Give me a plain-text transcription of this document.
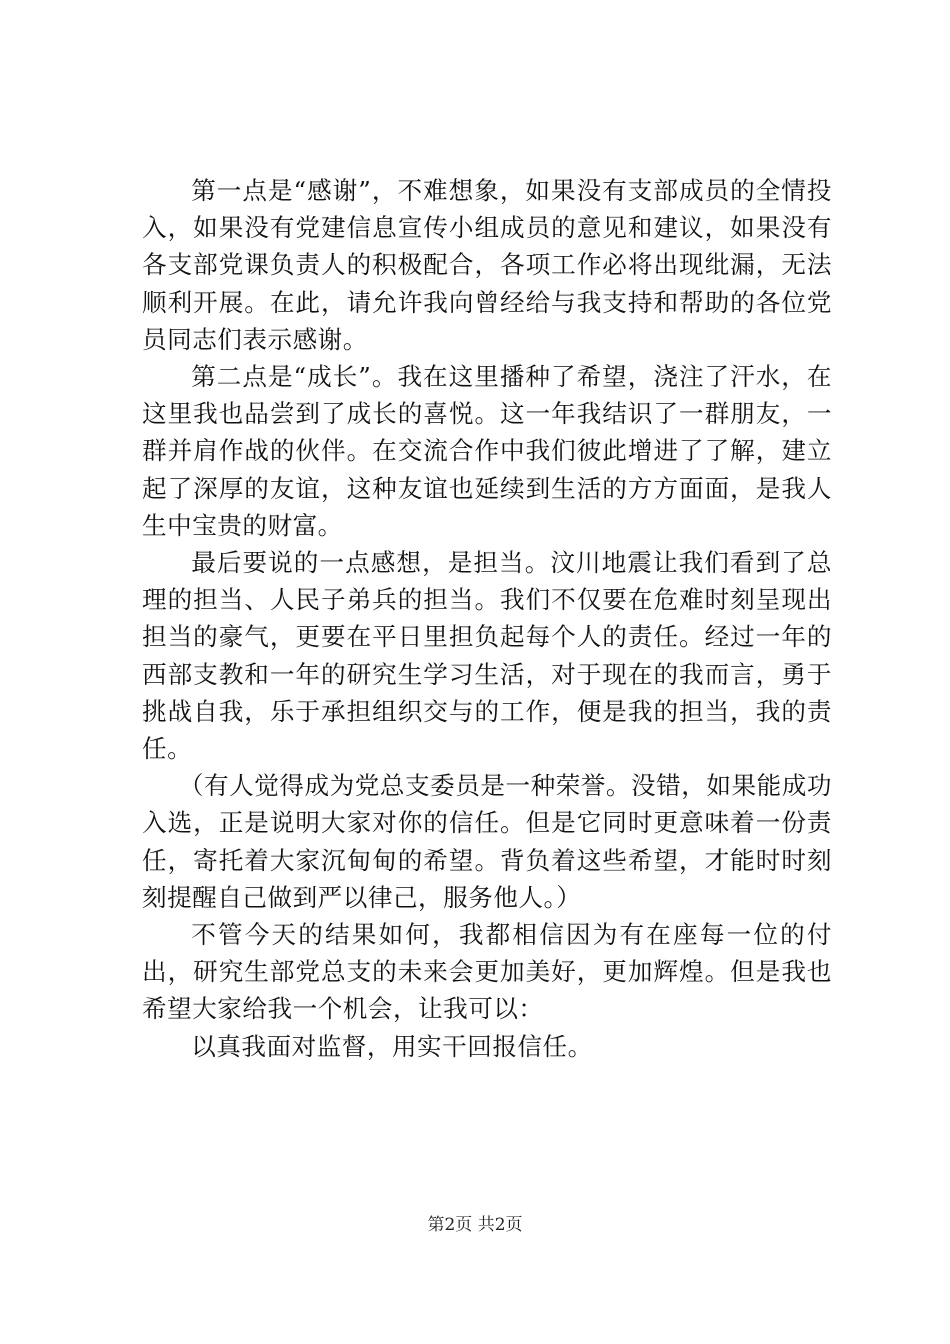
第一点是“感谢”，不难想象，如果没有支部成员的全情投入，如果没有党建信息宣传小组成员的意见和建议，如果没有各支部党课负责人的积极配合，各项工作必将出现纰漏，无法顺利开展。在此，请允许我向曾经给与我支持和帮助的各位党员同志们表示感谢。

第二点是“成长”。我在这里播种了希望，浇注了汗水，在这里我也品尝到了成长的喜悦。这一年我结识了一群朋友，一群并肩作战的伙伴。在交流合作中我们彼此增进了了解，建立起了深厚的友谊，这种友谊也延续到生活的方方面面，是我人生中宝贵的财富。

最后要说的一点感想，是担当。汶川地震让我们看到了总理的担当、人民子弟兵的担当。我们不仅要在危难时刻呈现出担当的豪气，更要在平日里担负起每个人的责任。经过一年的西部支教和一年的研究生学习生活，对于现在的我而言，勇于挑战自我，乐于承担组织交与的工作，便是我的担当，我的责任。

（有人觉得成为党总支委员是一种荣誉。没错，如果能成功入选，正是说明大家对你的信任。但是它同时更意味着一份责任，寄托着大家沉甸甸的希望。背负着这些希望，才能时时刻刻提醒自己做到严以律己，服务他人。）

不管今天的结果如何，我都相信因为有在座每一位的付出，研究生部党总支的未来会更加美好，更加辉煌。但是我也希望大家给我一个机会，让我可以：

以真我面对监督，用实干回报信任。

第2页 共2页
